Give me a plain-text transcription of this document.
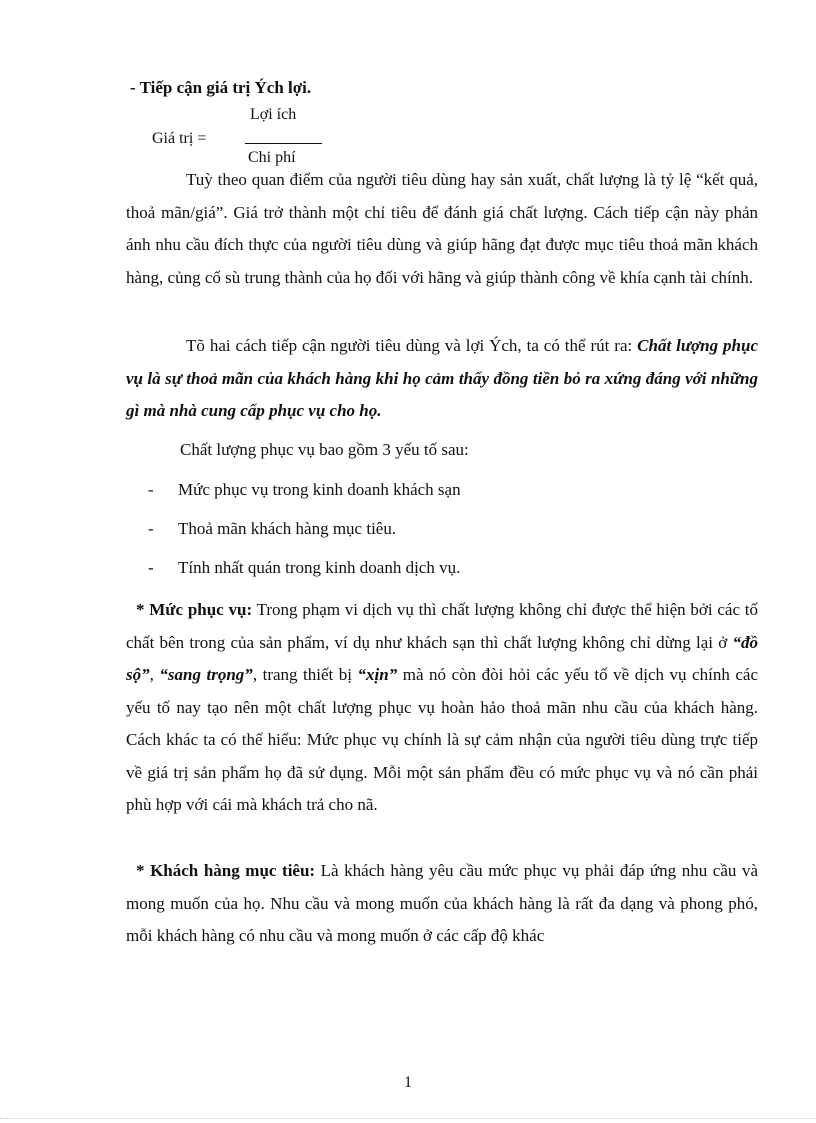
- Tiếp cận giá trị Ých lợi.
Giá trị =
Lợi ích
Chi phí

Tuỳ theo quan điểm của người tiêu dùng hay sản xuất, chất lượng là tỷ lệ “kết quả, thoả mãn/giá”. Giá trở thành một chỉ tiêu để đánh giá chất lượng. Cách tiếp cận này phản ánh nhu cầu đích thực của người tiêu dùng và giúp hãng đạt được mục tiêu thoả mãn khách hàng, củng cố sù trung thành của họ đối với hãng và giúp thành công về khía cạnh tài chính.

Tõ hai cách tiếp cận người tiêu dùng và lợi Ých, ta có thể rút ra: Chất lượng phục vụ là sự thoả mãn của khách hàng khi họ cảm thấy đồng tiền bỏ ra xứng đáng với những gì mà nhà cung cấp phục vụ cho họ.

Chất lượng phục vụ bao gồm 3 yếu tố sau:
-	Mức phục vụ trong kinh doanh khách sạn
-	Thoả mãn khách hàng mục tiêu.
-	Tính nhất quán trong kinh doanh dịch vụ.

* Mức phục vụ: Trong phạm vi dịch vụ thì chất lượng không chỉ được thể hiện bởi các tố chất bên trong của sản phẩm, ví dụ như khách sạn thì chất lượng không chỉ dừng lại ở “đồ sộ”, “sang trọng”, trang thiết bị “xịn” mà nó còn đòi hỏi các yếu tố về dịch vụ chính các yếu tố nay tạo nên một chất lượng phục vụ hoàn hảo thoả mãn nhu cầu của khách hàng. Cách khác ta có thể hiểu: Mức phục vụ chính là sự cảm nhận của người tiêu dùng trực tiếp về giá trị sản phẩm họ đã sử dụng. Mỗi một sản phẩm đều có mức phục vụ và nó cần phải phù hợp với cái mà khách trả cho nã.

* Khách hàng mục tiêu: Là khách hàng yêu cầu mức phục vụ phải đáp ứng nhu cầu và mong muốn của họ. Nhu cầu và mong muốn của khách hàng là rất đa dạng và phong phó, mỗi khách hàng có nhu cầu và mong muốn ở các cấp độ khác

1
